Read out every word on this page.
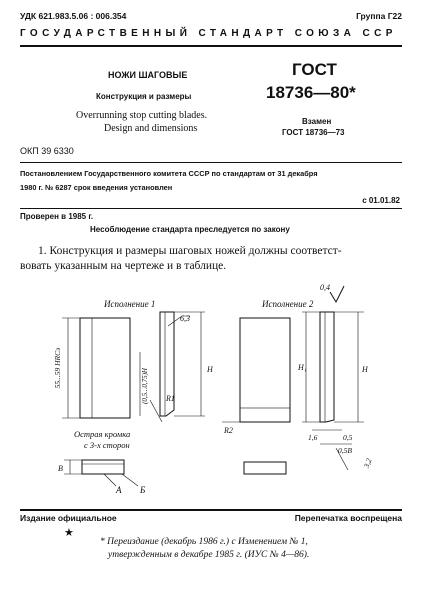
УДК 621.983.5.06 : 006.354	Группа Г22
ГОСУДАРСТВЕННЫЙ СТАНДАРТ СОЮЗА ССР
НОЖИ ШАГОВЫЕ
Конструкция и размеры
Overrunning stop cutting blades.
Design and dimensions
ГОСТ
18736—80*
Взамен
ГОСТ 18736—73
ОКП 39 6330
Постановлением Государственного комитета СССР по стандартам от 31 декабря
1980 г. № 6287 срок введения установлен
с 01.01.82
Проверен в 1985 г.
Несоблюдение стандарта преследуется по закону
1. Конструкция и размеры шаговых ножей должны соответст-
вовать указанным на чертеже и в таблице.
Исполнение 1	Исполнение 2
6,3
H
R1
Острая кромка
с 3-х сторон
B
А Б
R2
H₁	H
1,6	0,5
0,5B
0,4
55...59 HRCэ	(0,5...0,75)H
3,2
Издание официальное	Перепечатка воспрещена
★
* Переиздание (декабрь 1986 г.) с Изменением № 1,
утвержденным в декабре 1985 г. (ИУС № 4—86).
